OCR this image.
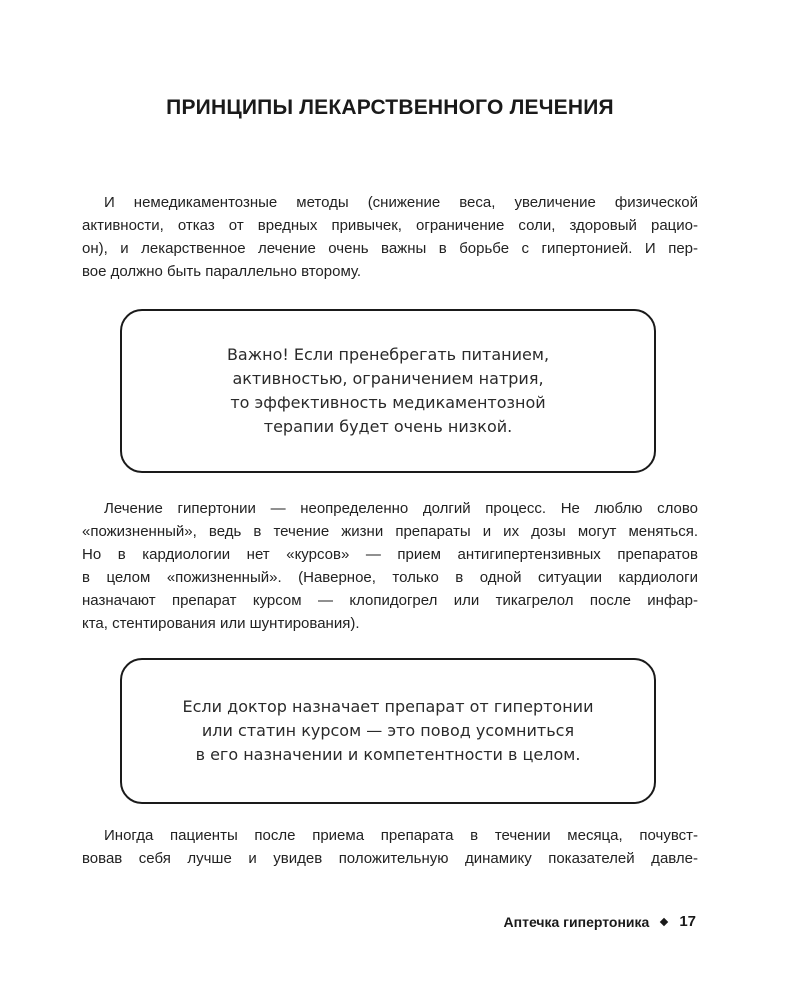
ПРИНЦИПЫ ЛЕКАРСТВЕННОГО ЛЕЧЕНИЯ
И немедикаментозные методы (снижение веса, увеличение физической
активности, отказ от вредных привычек, ограничение соли, здоровый рацио-
он), и лекарственное лечение очень важны в борьбе с гипертонией. И пер-
вое должно быть параллельно второму.
Важно! Если пренебрегать питанием,
активностью, ограничением натрия,
то эффективность медикаментозной
терапии будет очень низкой.
Лечение гипертонии — неопределенно долгий процесс. Не люблю слово
«пожизненный», ведь в течение жизни препараты и их дозы могут меняться.
Но в кардиологии нет «курсов» — прием антигипертензивных препаратов
в целом «пожизненный». (Наверное, только в одной ситуации кардиологи
назначают препарат курсом — клопидогрел или тикагрелол после инфар-
кта, стентирования или шунтирования).
Если доктор назначает препарат от гипертонии
или статин курсом — это повод усомниться
в его назначении и компетентности в целом.
Иногда пациенты после приема препарата в течении месяца, почувст-
вовав себя лучше и увидев положительную динамику показателей давле-
Аптечка гипертоника 17
